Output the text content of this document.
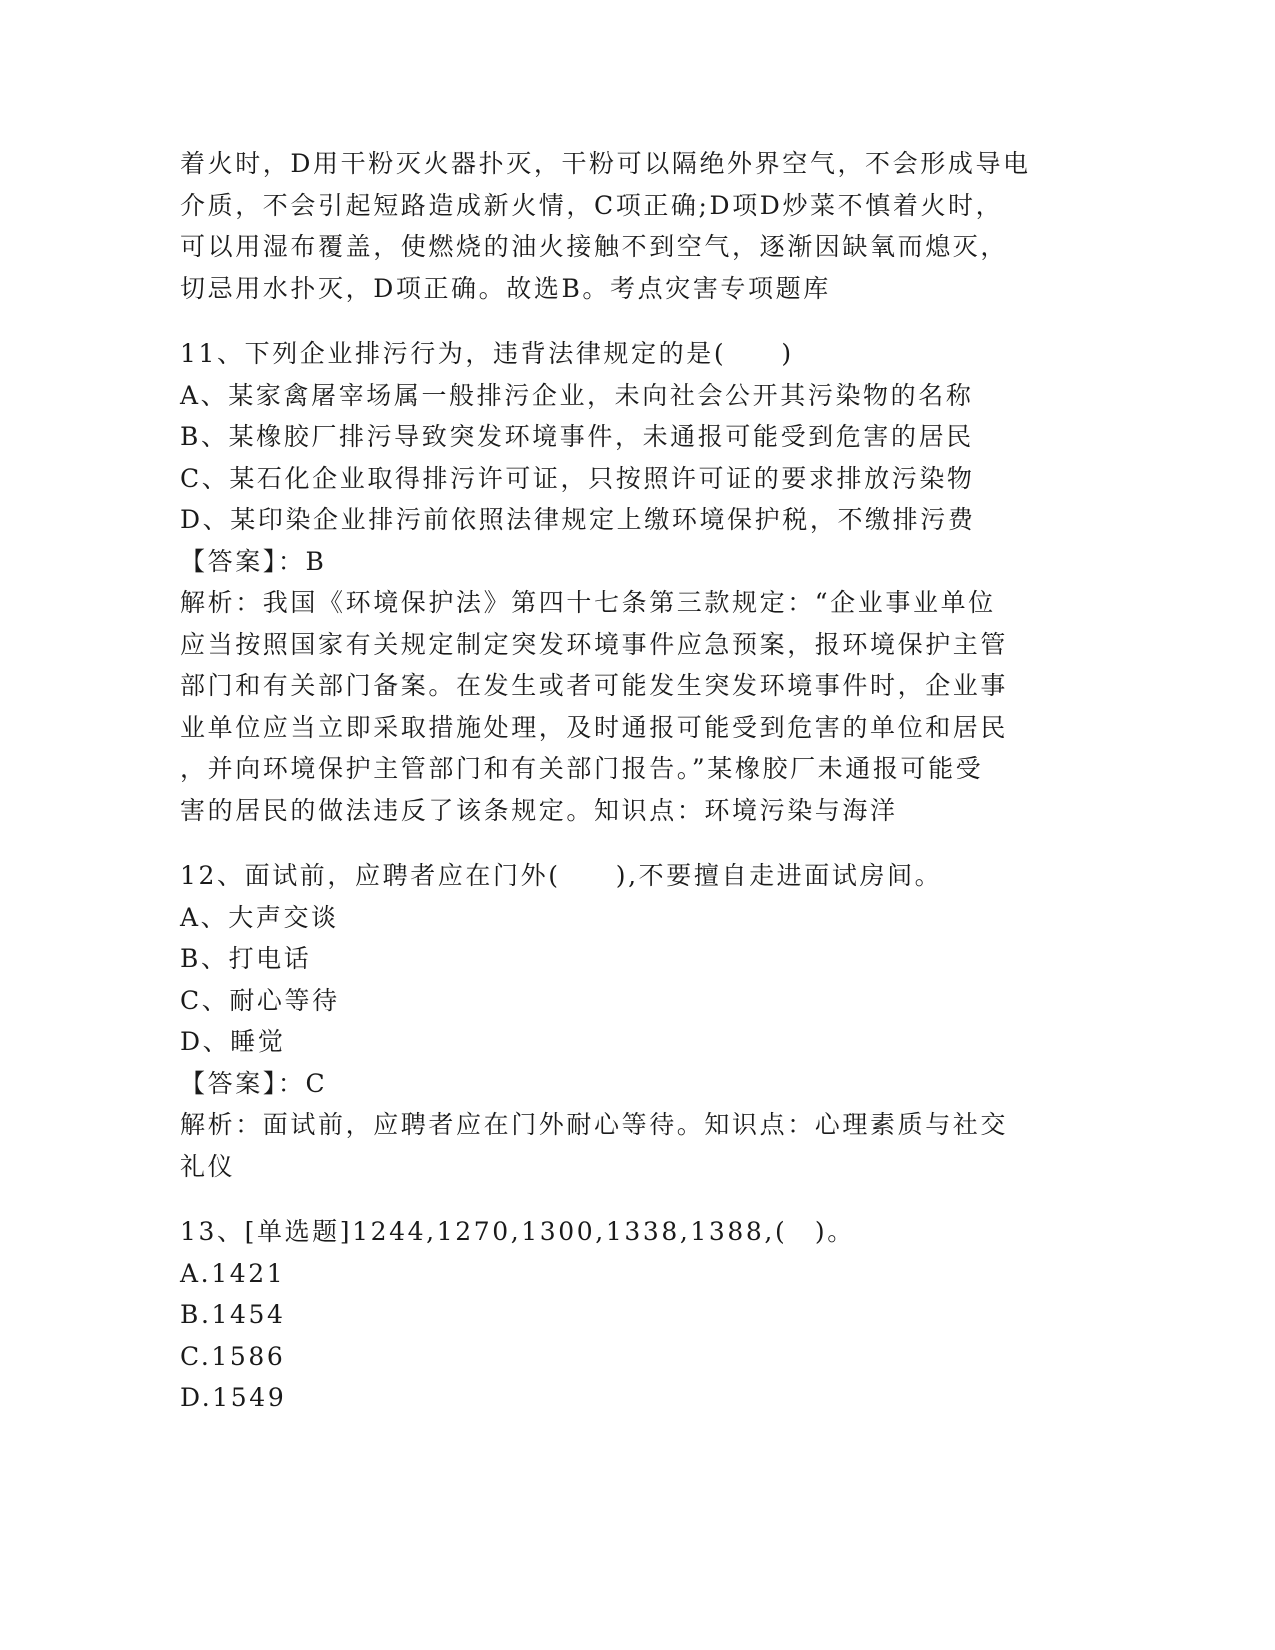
着火时，D用干粉灭火器扑灭，干粉可以隔绝外界空气，不会形成导电
介质，不会引起短路造成新火情，C项正确;D项D炒菜不慎着火时，
可以用湿布覆盖，使燃烧的油火接触不到空气，逐渐因缺氧而熄灭，
切忌用水扑灭，D项正确。故选B。考点灾害专项题库
11、下列企业排污行为，违背法律规定的是(　　)
A、某家禽屠宰场属一般排污企业，未向社会公开其污染物的名称
B、某橡胶厂排污导致突发环境事件，未通报可能受到危害的居民
C、某石化企业取得排污许可证，只按照许可证的要求排放污染物
D、某印染企业排污前依照法律规定上缴环境保护税，不缴排污费
【答案】：B
解析：我国《环境保护法》第四十七条第三款规定：“企业事业单位
应当按照国家有关规定制定突发环境事件应急预案，报环境保护主管
部门和有关部门备案。在发生或者可能发生突发环境事件时，企业事
业单位应当立即采取措施处理，及时通报可能受到危害的单位和居民
，并向环境保护主管部门和有关部门报告。”某橡胶厂未通报可能受
害的居民的做法违反了该条规定。知识点：环境污染与海洋
12、面试前，应聘者应在门外(　　),不要擅自走进面试房间。
A、大声交谈
B、打电话
C、耐心等待
D、睡觉
【答案】：C
解析：面试前，应聘者应在门外耐心等待。知识点：心理素质与社交
礼仪
13、[单选题]1244,1270,1300,1338,1388,(　)。
A.1421
B.1454
C.1586
D.1549
